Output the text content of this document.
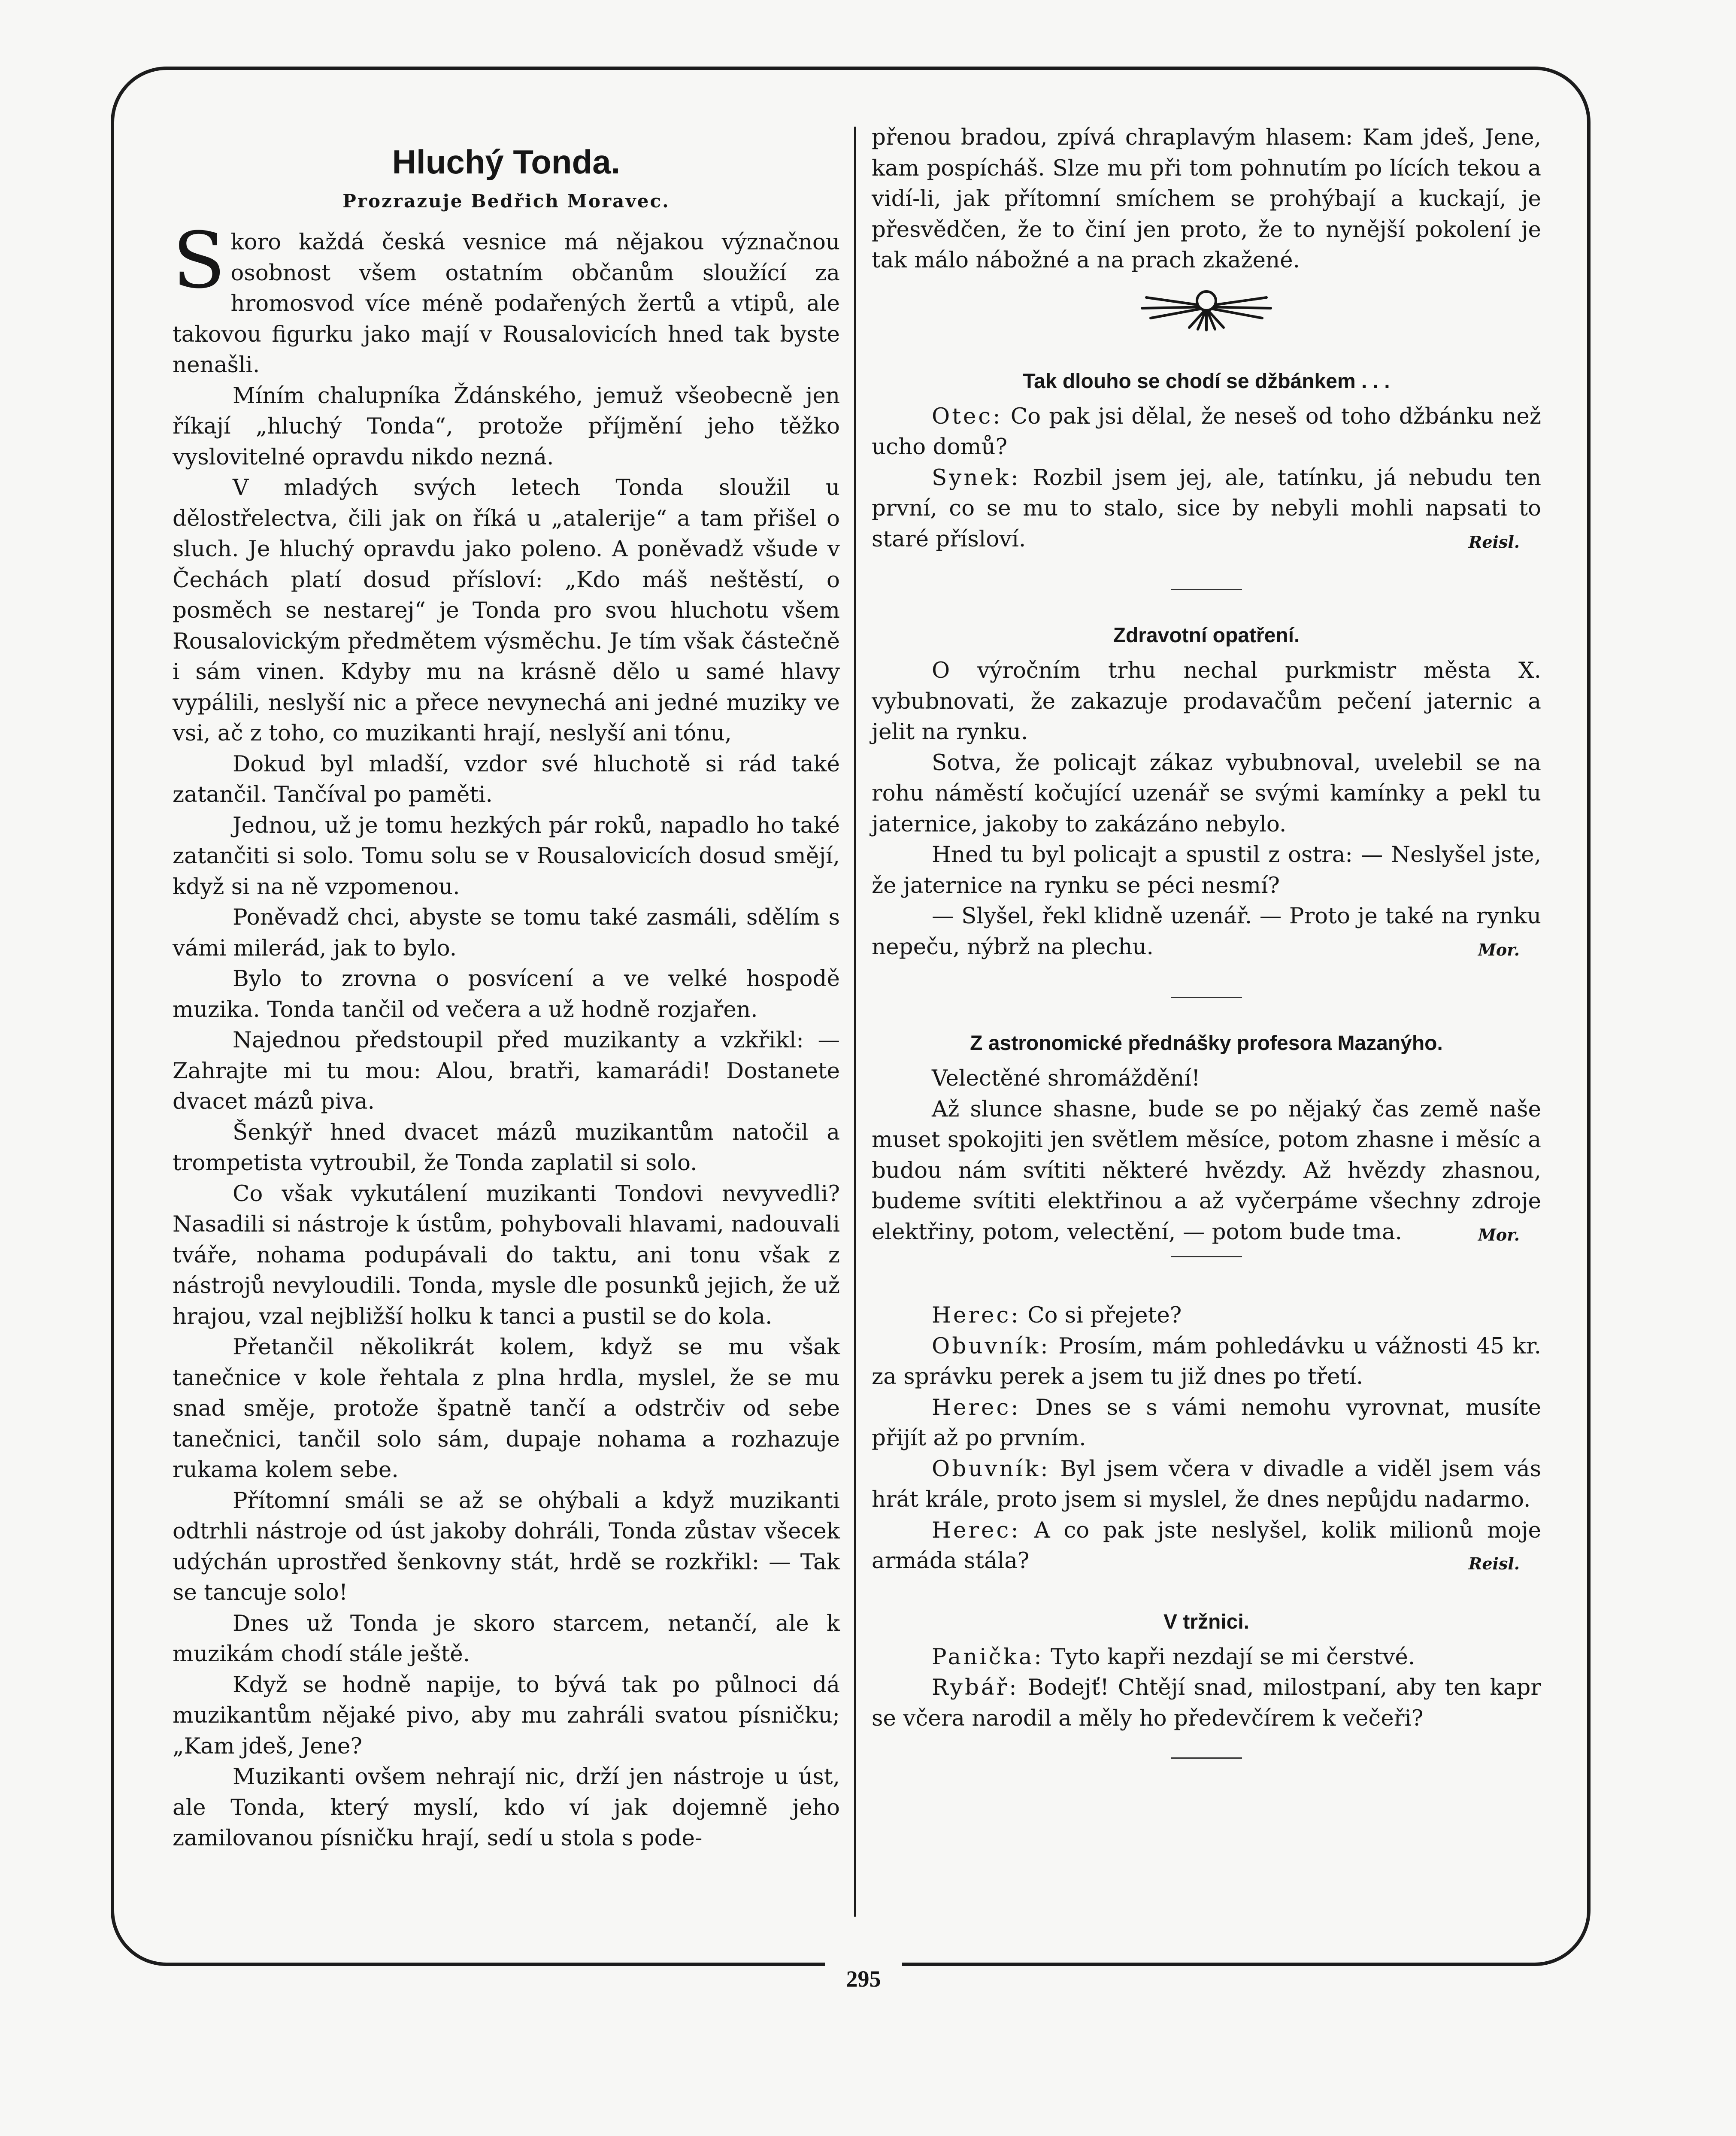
295
Hluchý Tonda.
Prozrazuje Bedřich Moravec.

Skoro každá česká vesnice má nějakou význačnou osobnost všem ostatním občanům sloužící za hromosvod více méně podařených žertů a vtipů, ale takovou figurku jako mají v Rousalovicích hned tak byste nenašli.

Míním chalupníka Ždánského, jemuž všeobecně jen říkají „hluchý Tonda“, protože příjmění jeho těžko vyslovitelné opravdu nikdo nezná.

V mladých svých letech Tonda sloužil u dělostřelectva, čili jak on říká u „atalerije“ a tam přišel o sluch. Je hluchý opravdu jako poleno. A poněvadž všude v Čechách platí dosud přísloví: „Kdo máš neštěstí, o posměch se nestarej“ je Tonda pro svou hluchotu všem Rousalovickým předmětem výsměchu. Je tím však částečně i sám vinen. Kdyby mu na krásně dělo u samé hlavy vypálili, neslyší nic a přece nevynechá ani jedné muziky ve vsi, ač z toho, co muzikanti hrají, neslyší ani tónu,

Dokud byl mladší, vzdor své hluchotě si rád také zatančil. Tančíval po paměti.

Jednou, už je tomu hezkých pár roků, napadlo ho také zatančiti si solo. Tomu solu se v Rousalovicích dosud smějí, když si na ně vzpomenou.

Poněvadž chci, abyste se tomu také zasmáli, sdělím s vámi milerád, jak to bylo.

Bylo to zrovna o posvícení a ve velké hospodě muzika. Tonda tančil od večera a už hodně rozjařen.

Najednou předstoupil před muzikanty a vzkřikl: — Zahrajte mi tu mou: Alou, bratři, kamarádi! Dostanete dvacet mázů piva.

Šenkýř hned dvacet mázů muzikantům natočil a trompetista vytroubil, že Tonda zaplatil si solo.

Co však vykutálení muzikanti Tondovi nevyvedli? Nasadili si nástroje k ústům, pohybovali hlavami, nadouvali tváře, nohama podupávali do taktu, ani tonu však z nástrojů nevyloudili. Tonda, mysle dle posunků jejich, že už hrajou, vzal nejbližší holku k tanci a pustil se do kola.

Přetančil několikrát kolem, když se mu však tanečnice v kole řehtala z plna hrdla, myslel, že se mu snad směje, protože špatně tančí a odstrčiv od sebe tanečnici, tančil solo sám, dupaje nohama a rozhazuje rukama kolem sebe.

Přítomní smáli se až se ohýbali a když muzikanti odtrhli nástroje od úst jakoby dohráli, Tonda zůstav všecek udýchán uprostřed šenkovny stát, hrdě se rozkřikl: — Tak se tancuje solo!

Dnes už Tonda je skoro starcem, netančí, ale k muzikám chodí stále ještě.

Když se hodně napije, to bývá tak po půlnoci dá muzikantům nějaké pivo, aby mu zahráli svatou písničku; „Kam jdeš, Jene?

Muzikanti ovšem nehrají nic, drží jen nástroje u úst, ale Tonda, který myslí, kdo ví jak dojemně jeho zamilovanou písničku hrají, sedí u stola s pode-

přenou bradou, zpívá chraplavým hlasem: Kam jdeš, Jene, kam pospícháš. Slze mu při tom pohnutím po lících tekou a vidí-li, jak přítomní smíchem se prohýbají a kuckají, je přesvědčen, že to činí jen proto, že to nynější pokolení je tak málo nábožné a na prach zkažené.

Tak dlouho se chodí se džbánkem . . .

Otec: Co pak jsi dělal, že neseš od toho džbánku než ucho domů?

Synek: Rozbil jsem jej, ale, tatínku, já nebudu ten první, co se mu to stalo, sice by nebyli mohli napsati to staré přísloví.	Reisl.

Zdravotní opatření.

O výročním trhu nechal purkmistr města X. vybubnovati, že zakazuje prodavačům pečení jaternic a jelit na rynku.

Sotva, že policajt zákaz vybubnoval, uvelebil se na rohu náměstí kočující uzenář se svými kamínky a pekl tu jaternice, jakoby to zakázáno nebylo.

Hned tu byl policajt a spustil z ostra: — Neslyšel jste, že jaternice na rynku se péci nesmí?

— Slyšel, řekl klidně uzenář. — Proto je také na rynku nepeču, nýbrž na plechu.	Mor.

Z astronomické přednášky profesora Mazanýho.

Velectěné shromáždění!

Až slunce shasne, bude se po nějaký čas země naše muset spokojiti jen světlem měsíce, potom zhasne i měsíc a budou nám svítiti některé hvězdy. Až hvězdy zhasnou, budeme svítiti elektřinou a až vyčerpáme všechny zdroje elektřiny, potom, velectění, — potom bude tma.	Mor.

Herec: Co si přejete?

Obuvník: Prosím, mám pohledávku u vážnosti 45 kr. za správku perek a jsem tu již dnes po třetí.

Herec: Dnes se s vámi nemohu vyrovnat, musíte přijít až po prvním.

Obuvník: Byl jsem včera v divadle a viděl jsem vás hrát krále, proto jsem si myslel, že dnes nepůjdu nadarmo.

Herec: A co pak jste neslyšel, kolik milionů moje armáda stála?	Reisl.

V tržnici.

Panička: Tyto kapři nezdají se mi čerstvé.

Rybář: Bodejť! Chtějí snad, milostpaní, aby ten kapr se včera narodil a měly ho předevčírem k večeři?
